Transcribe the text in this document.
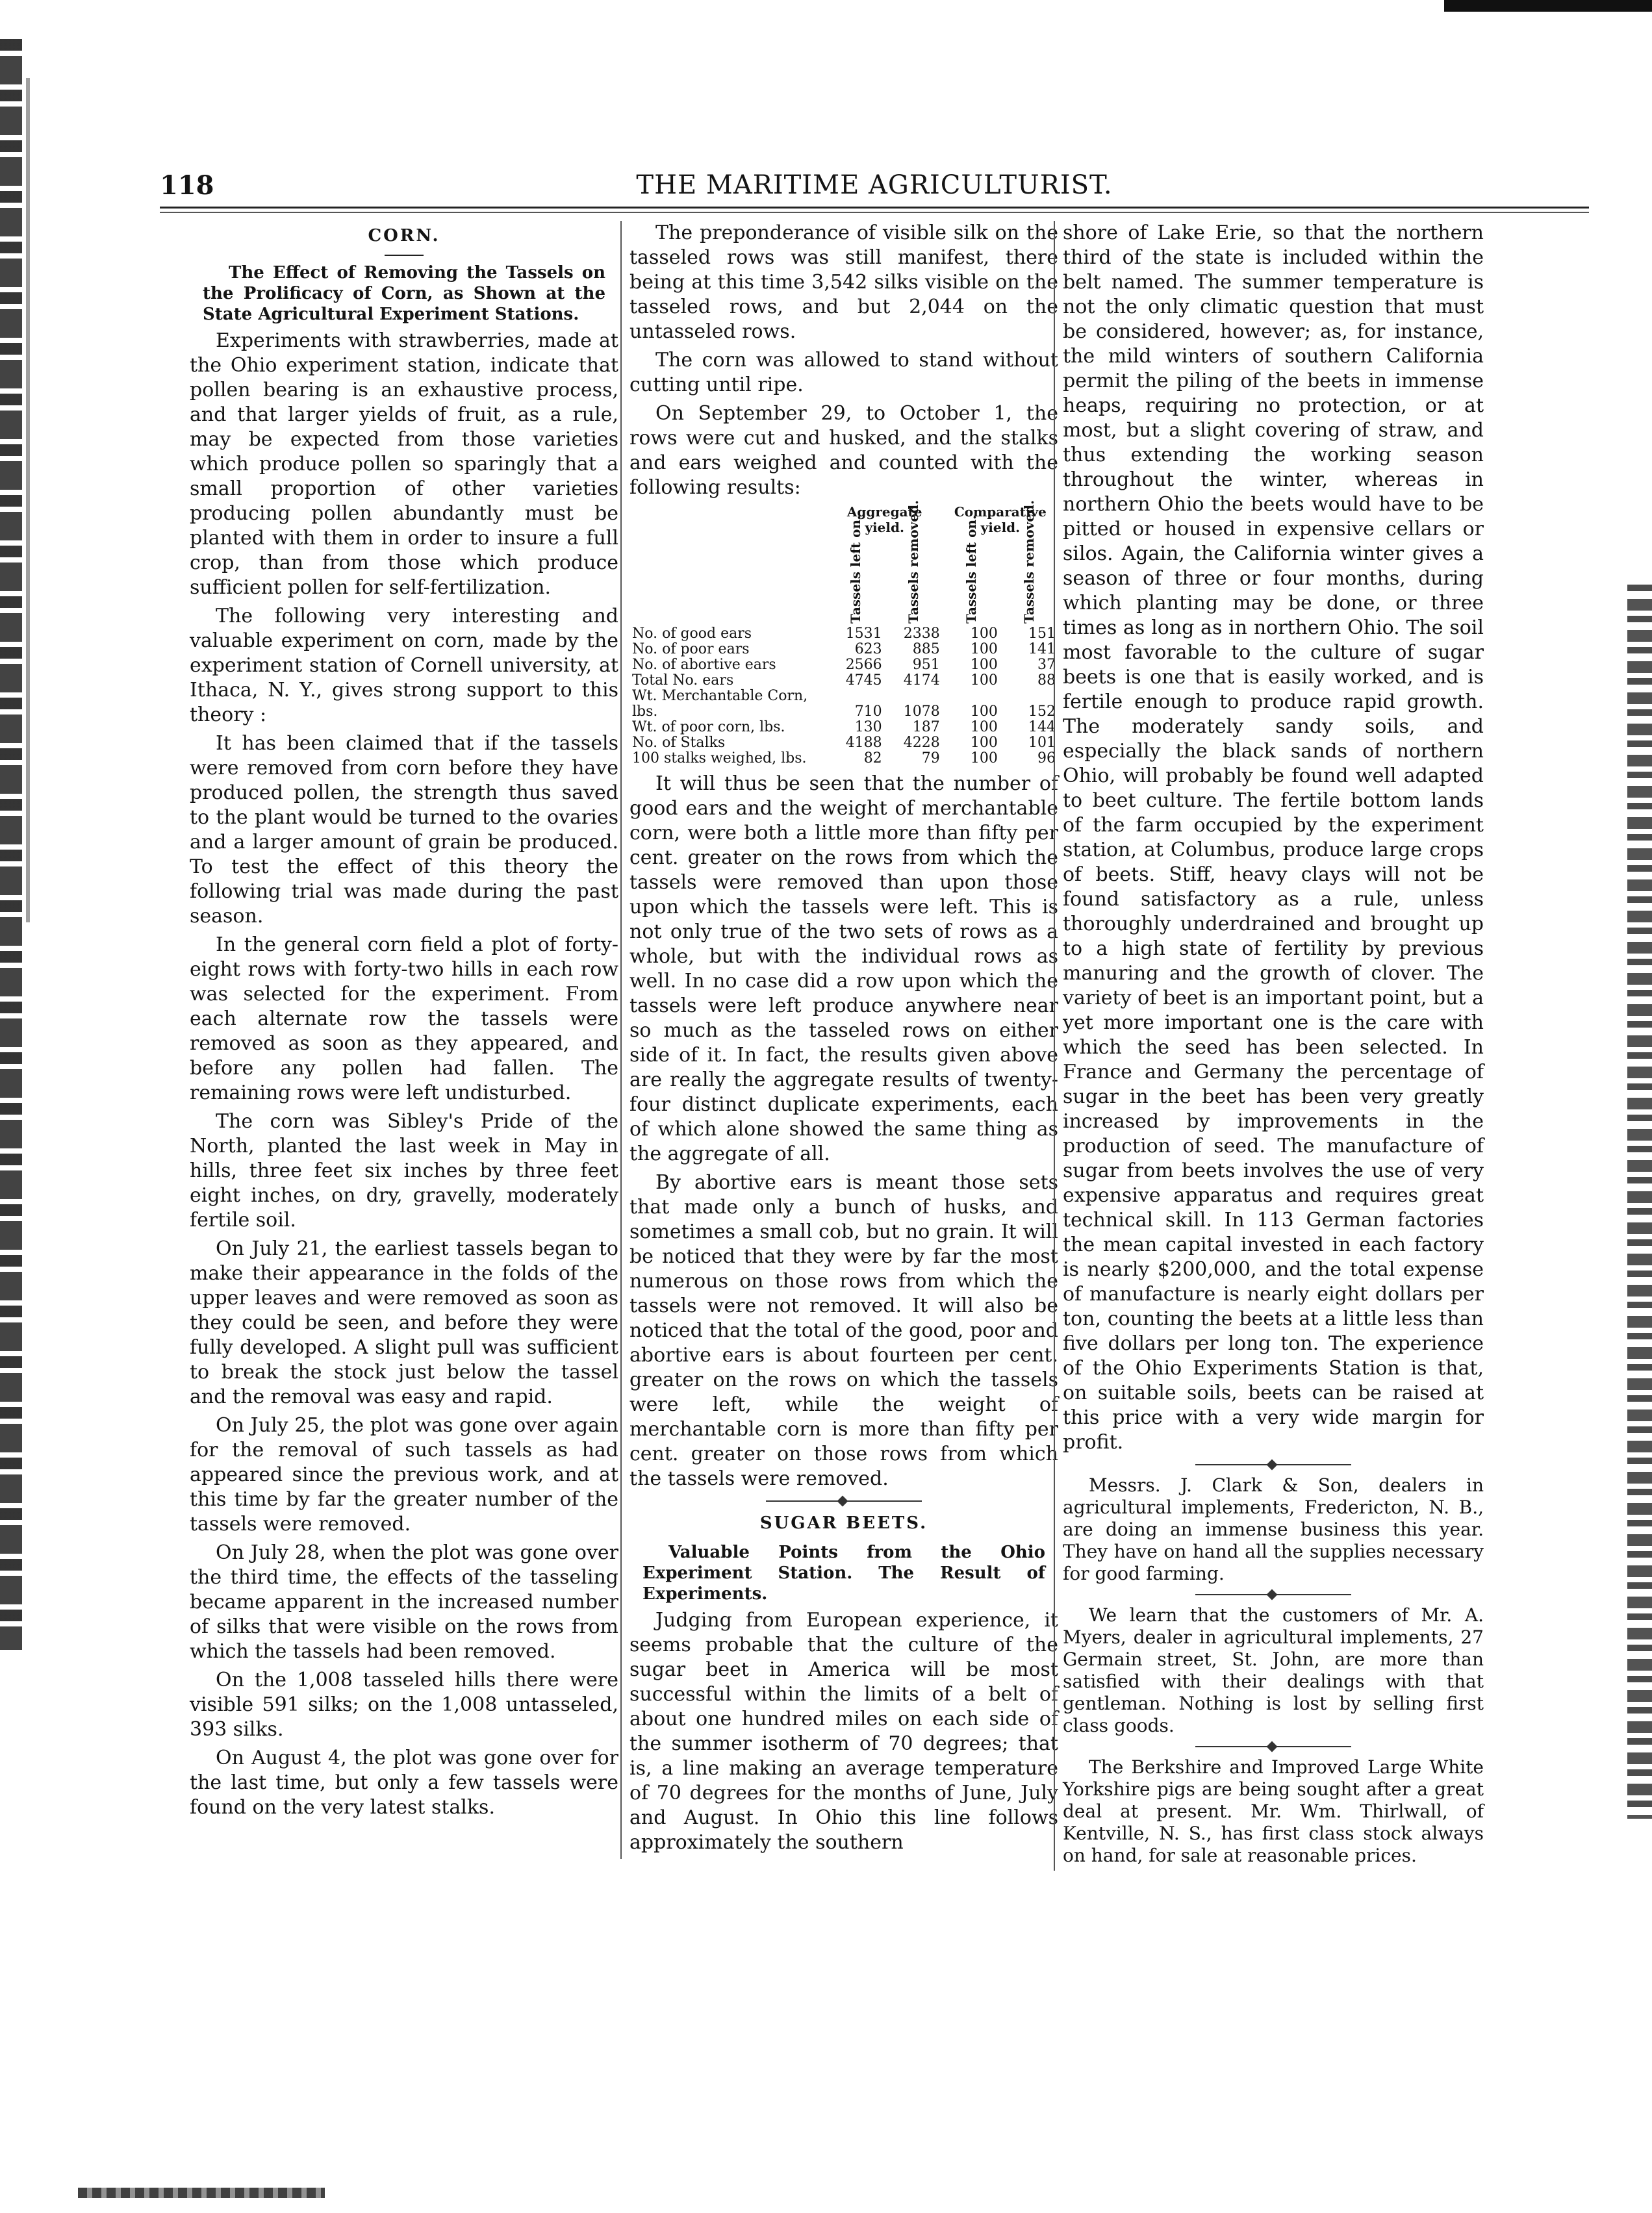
118	THE MARITIME AGRICULTURIST.
CORN.

The Effect of Removing the Tassels on the Prolificacy of Corn, as Shown at the State Agricultural Experiment Stations.

Experiments with strawberries, made at the Ohio experiment station, indicate that pollen bearing is an exhaustive process, and that larger yields of fruit, as a rule, may be expected from those varieties which produce pollen so sparingly that a small proportion of other varieties producing pollen abundantly must be planted with them in order to insure a full crop, than from those which produce sufficient pollen for self-fertilization.

The following very interesting and valuable experiment on corn, made by the experiment station of Cornell university, at Ithaca, N. Y., gives strong support to this theory :

It has been claimed that if the tassels were removed from corn before they have produced pollen, the strength thus saved to the plant would be turned to the ovaries and a larger amount of grain be produced. To test the effect of this theory the following trial was made during the past season.

In the general corn field a plot of forty-eight rows with forty-two hills in each row was selected for the experiment. From each alternate row the tassels were removed as soon as they appeared, and before any pollen had fallen. The remaining rows were left undisturbed.

The corn was Sibley's Pride of the North, planted the last week in May in hills, three feet six inches by three feet eight inches, on dry, gravelly, moderately fertile soil.

On July 21, the earliest tassels began to make their appearance in the folds of the upper leaves and were removed as soon as they could be seen, and before they were fully developed. A slight pull was sufficient to break the stock just below the tassel and the removal was easy and rapid.

On July 25, the plot was gone over again for the removal of such tassels as had appeared since the previous work, and at this time by far the greater number of the tassels were removed.

On July 28, when the plot was gone over the third time, the effects of the tasseling became apparent in the increased number of silks that were visible on the rows from which the tassels had been removed.

On the 1,008 tasseled hills there were visible 591 silks; on the 1,008 untasseled, 393 silks.

On August 4, the plot was gone over for the last time, but only a few tassels were found on the very latest stalks.

The preponderance of visible silk on the tasseled rows was still manifest, there being at this time 3,542 silks visible on the tasseled rows, and but 2,044 on the untasseled rows.

The corn was allowed to stand without cutting until ripe.

On September 29, to October 1, the rows were cut and husked, and the stalks and ears weighed and counted with the following results:

	Aggregate yield.		Comparative yield.	

	Tassels left on.	Tassels removed.	Tassels left on.	Tassels removed.

No. of good ears	1531	2338	100	151
No. of poor ears	623	885	100	141
No. of abortive ears	2566	951	100	37
Total No. ears	4745	4174	100	88
Wt. Merchantable Corn, lbs.	710	1078	100	152
Wt. of poor corn, lbs.	130	187	100	144
No. of Stalks	4188	4228	100	101
100 stalks weighed, lbs.	82	79	100	96

It will thus be seen that the number of good ears and the weight of merchantable corn, were both a little more than fifty per cent. greater on the rows from which the tassels were removed than upon those upon which the tassels were left. This is not only true of the two sets of rows as a whole, but with the individual rows as well. In no case did a row upon which the tassels were left produce anywhere near so much as the tasseled rows on either side of it. In fact, the results given above are really the aggregate results of twenty-four distinct duplicate experiments, each of which alone showed the same thing as the aggregate of all.

By abortive ears is meant those sets that made only a bunch of husks, and sometimes a small cob, but no grain. It will be noticed that they were by far the most numerous on those rows from which the tassels were not removed. It will also be noticed that the total of the good, poor and abortive ears is about fourteen per cent. greater on the rows on which the tassels were left, while the weight of merchantable corn is more than fifty per cent. greater on those rows from which the tassels were removed.

SUGAR BEETS.

Valuable Points from the Ohio Experiment Station. The Result of Experiments.

Judging from European experience, it seems probable that the culture of the sugar beet in America will be most successful within the limits of a belt of about one hundred miles on each side of the summer isotherm of 70 degrees; that is, a line making an average temperature of 70 degrees for the months of June, July and August. In Ohio this line follows approximately the southern

shore of Lake Erie, so that the northern third of the state is included within the belt named. The summer temperature is not the only climatic question that must be considered, however; as, for instance, the mild winters of southern California permit the piling of the beets in immense heaps, requiring no protection, or at most, but a slight covering of straw, and thus extending the working season throughout the winter, whereas in northern Ohio the beets would have to be pitted or housed in expensive cellars or silos. Again, the California winter gives a season of three or four months, during which planting may be done, or three times as long as in northern Ohio. The soil most favorable to the culture of sugar beets is one that is easily worked, and is fertile enough to produce rapid growth. The moderately sandy soils, and especially the black sands of northern Ohio, will probably be found well adapted to beet culture. The fertile bottom lands of the farm occupied by the experiment station, at Columbus, produce large crops of beets. Stiff, heavy clays will not be found satisfactory as a rule, unless thoroughly underdrained and brought up to a high state of fertility by previous manuring and the growth of clover. The variety of beet is an important point, but a yet more important one is the care with which the seed has been selected. In France and Germany the percentage of sugar in the beet has been very greatly increased by improvements in the production of seed. The manufacture of sugar from beets involves the use of very expensive apparatus and requires great technical skill. In 113 German factories the mean capital invested in each factory is nearly $200,000, and the total expense of manufacture is nearly eight dollars per ton, counting the beets at a little less than five dollars per long ton. The experience of the Ohio Experiments Station is that, on suitable soils, beets can be raised at this price with a very wide margin for profit.

Messrs. J. Clark & Son, dealers in agricultural implements, Fredericton, N. B., are doing an immense business this year. They have on hand all the supplies necessary for good farming.

We learn that the customers of Mr. A. Myers, dealer in agricultural implements, 27 Germain street, St. John, are more than satisfied with their dealings with that gentleman. Nothing is lost by selling first class goods.

The Berkshire and Improved Large White Yorkshire pigs are being sought after a great deal at present. Mr. Wm. Thirlwall, of Kentville, N. S., has first class stock always on hand, for sale at reasonable prices.
